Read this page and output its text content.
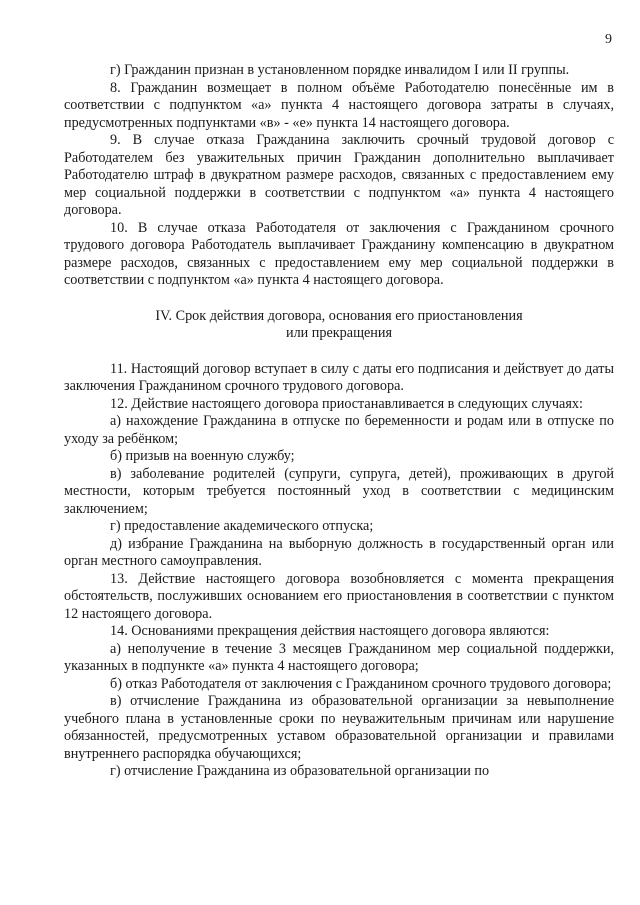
9

г) Гражданин признан в установленном порядке инвалидом I или II группы.

8. Гражданин возмещает в полном объёме Работодателю понесённые им в соответствии с подпунктом «а» пункта 4 настоящего договора затраты в случаях, предусмотренных подпунктами «в» - «е» пункта 14 настоящего договора.

9. В случае отказа Гражданина заключить срочный трудовой договор с Работодателем без уважительных причин Гражданин дополнительно выплачивает Работодателю штраф в двукратном размере расходов, связанных с предоставлением ему мер социальной поддержки в соответствии с подпунктом «а» пункта 4 настоящего договора.

10. В случае отказа Работодателя от заключения с Гражданином срочного трудового договора Работодатель выплачивает Гражданину компенсацию в двукратном размере расходов, связанных с предоставлением ему мер социальной поддержки в соответствии с подпунктом «а» пункта 4 настоящего договора.

IV. Срок действия договора, основания его приостановления
или прекращения

11. Настоящий договор вступает в силу с даты его подписания и действует до даты заключения Гражданином срочного трудового договора.

12. Действие настоящего договора приостанавливается в следующих случаях:

а) нахождение Гражданина в отпуске по беременности и родам или в отпуске по уходу за ребёнком;

б) призыв на военную службу;

в) заболевание родителей (супруги, супруга, детей), проживающих в другой местности, которым требуется постоянный уход в соответствии с медицинским заключением;

г) предоставление академического отпуска;

д) избрание Гражданина на выборную должность в государственный орган или орган местного самоуправления.

13. Действие настоящего договора возобновляется с момента прекращения обстоятельств, послуживших основанием его приостановления в соответствии с пунктом 12 настоящего договора.

14. Основаниями прекращения действия настоящего договора являются:

а) неполучение в течение 3 месяцев Гражданином мер социальной поддержки, указанных в подпункте «а» пункта 4 настоящего договора;

б) отказ Работодателя от заключения с Гражданином срочного трудового договора;

в) отчисление Гражданина из образовательной организации за невыполнение учебного плана в установленные сроки по неуважительным причинам или нарушение обязанностей, предусмотренных уставом образовательной организации и правилами внутреннего распорядка обучающихся;

г) отчисление Гражданина из образовательной организации по
